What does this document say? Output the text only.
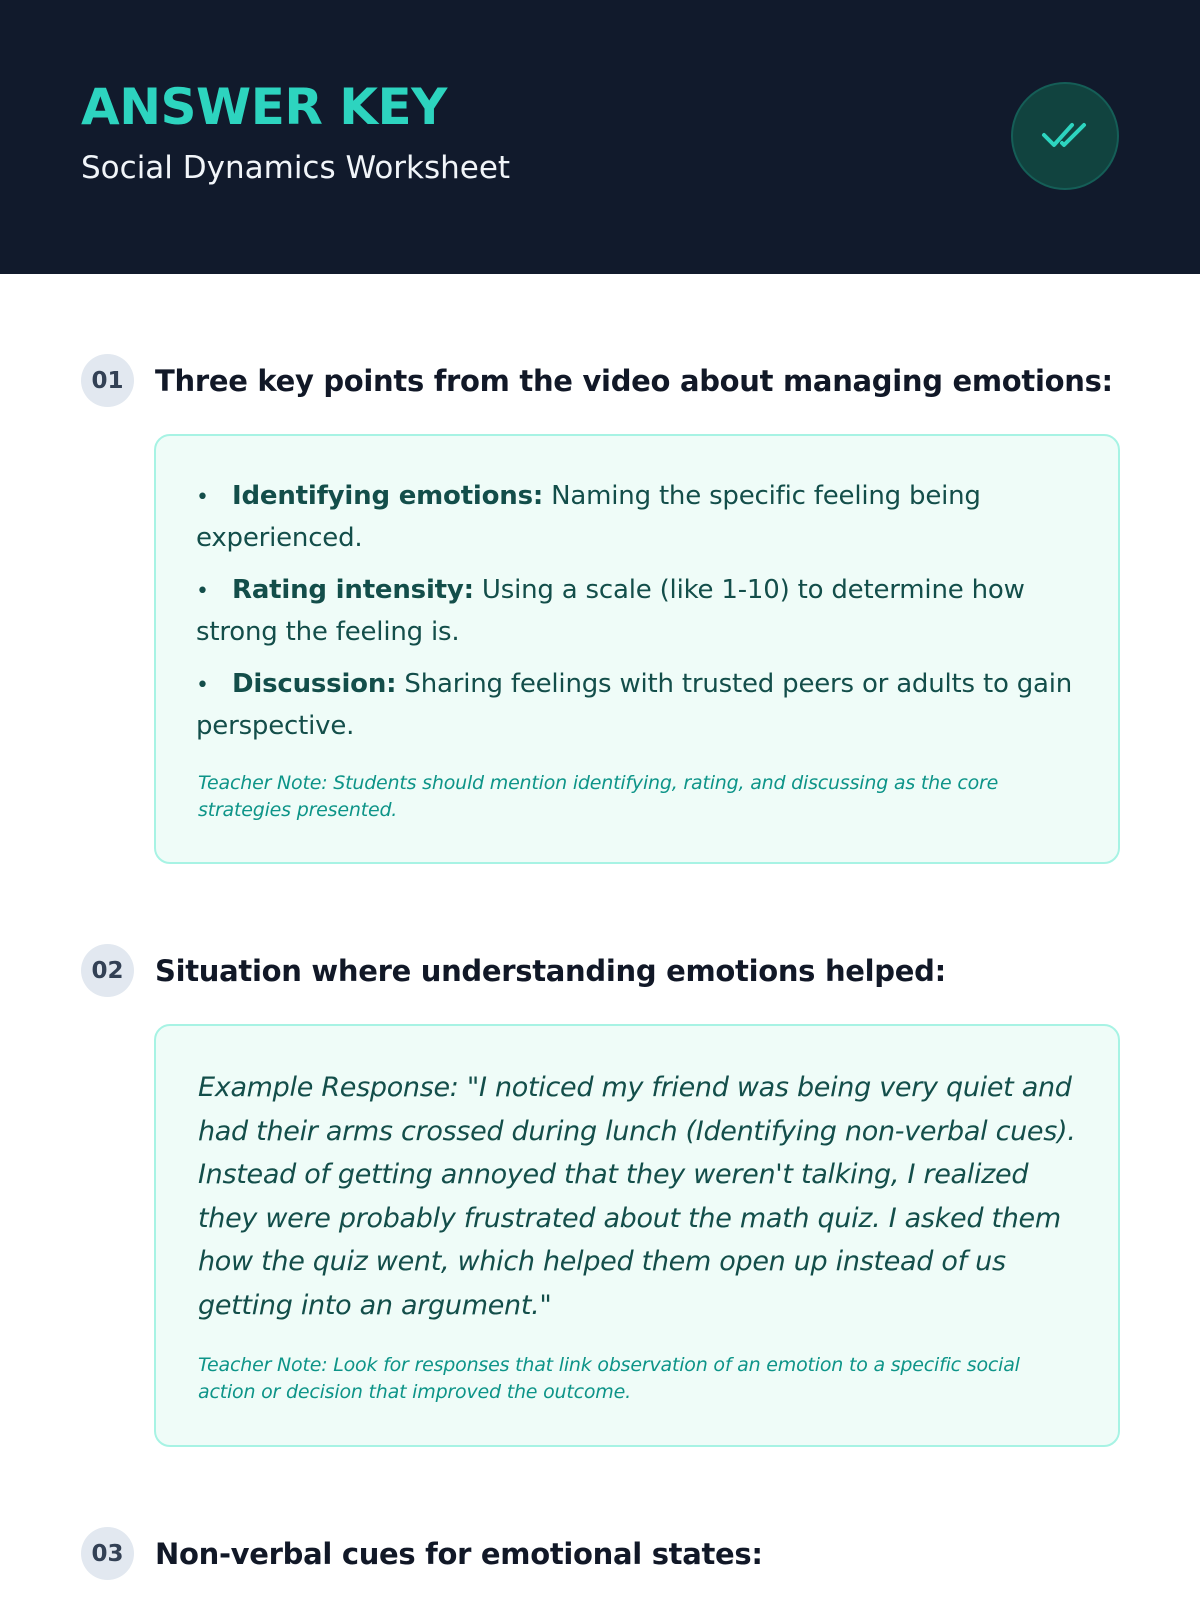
ANSWER KEY
Social Dynamics Worksheet
01	Three key points from the video about managing emotions:
• Identifying emotions: Naming the specific feeling being experienced.
• Rating intensity: Using a scale (like 1-10) to determine how strong the feeling is.
• Discussion: Sharing feelings with trusted peers or adults to gain perspective.
Teacher Note: Students should mention identifying, rating, and discussing as the core strategies presented.
02	Situation where understanding emotions helped:
Example Response: "I noticed my friend was being very quiet and had their arms crossed during lunch (Identifying non-verbal cues). Instead of getting annoyed that they weren't talking, I realized they were probably frustrated about the math quiz. I asked them how the quiz went, which helped them open up instead of us getting into an argument."
Teacher Note: Look for responses that link observation of an emotion to a specific social action or decision that improved the outcome.
03	Non-verbal cues for emotional states:
